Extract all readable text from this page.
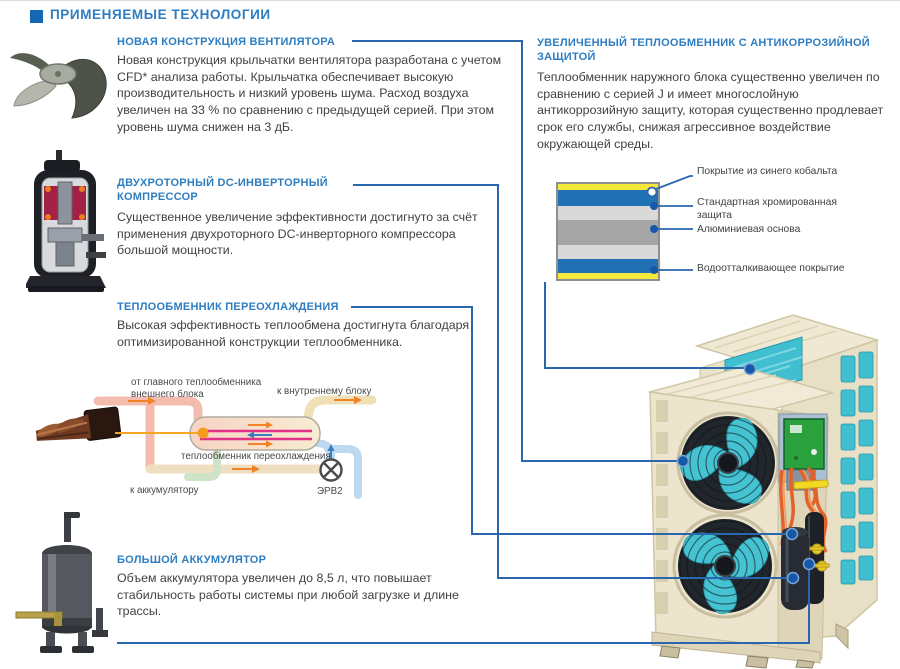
ПРИМЕНЯЕМЫЕ ТЕХНОЛОГИИ
НОВАЯ КОНСТРУКЦИЯ ВЕНТИЛЯТОРА
Новая конструкция крыльчатки вентилятора разработана с учетом CFD* анализа работы. Крыльчатка обеспечивает высокую производительность и низкий уровень шума. Расход воздуха увеличен на 33 % по сравнению с предыдущей серией. При этом уровень шума снижен на 3 дБ.
ДВУХРОТОРНЫЙ DC-ИНВЕРТОРНЫЙ КОМПРЕССОР
Существенное увеличение эффективности достигнуто за счёт применения двухроторного DC-инверторного компрессора большой мощности.
ТЕПЛООБМЕННИК ПЕРЕОХЛАЖДЕНИЯ
Высокая эффективность теплообмена достигнута благодаря оптимизированной конструкции теплообменника.
БОЛЬШОЙ АККУМУЛЯТОР
Объем аккумулятора увеличен до 8,5 л, что повышает стабильность работы системы при любой загрузке и длине трассы.
УВЕЛИЧЕННЫЙ ТЕПЛООБМЕННИК С АНТИКОРРОЗИЙНОЙ ЗАЩИТОЙ
Теплообменник наружного блока существенно увеличен по сравнению с серией J и имеет многослойную антикоррозийную защиту, которая существенно продлевает срок его службы, снижая агрессивное воздействие окружающей среды.
Покрытие из синего кобальта
Стандартная хромированная защита
Алюминиевая основа
Водоотталкивающее покрытие
от главного теплообменника внешнего блока	к внутреннему блоку
теплообменник переохлаждения
к аккумулятору	ЭРВ2
